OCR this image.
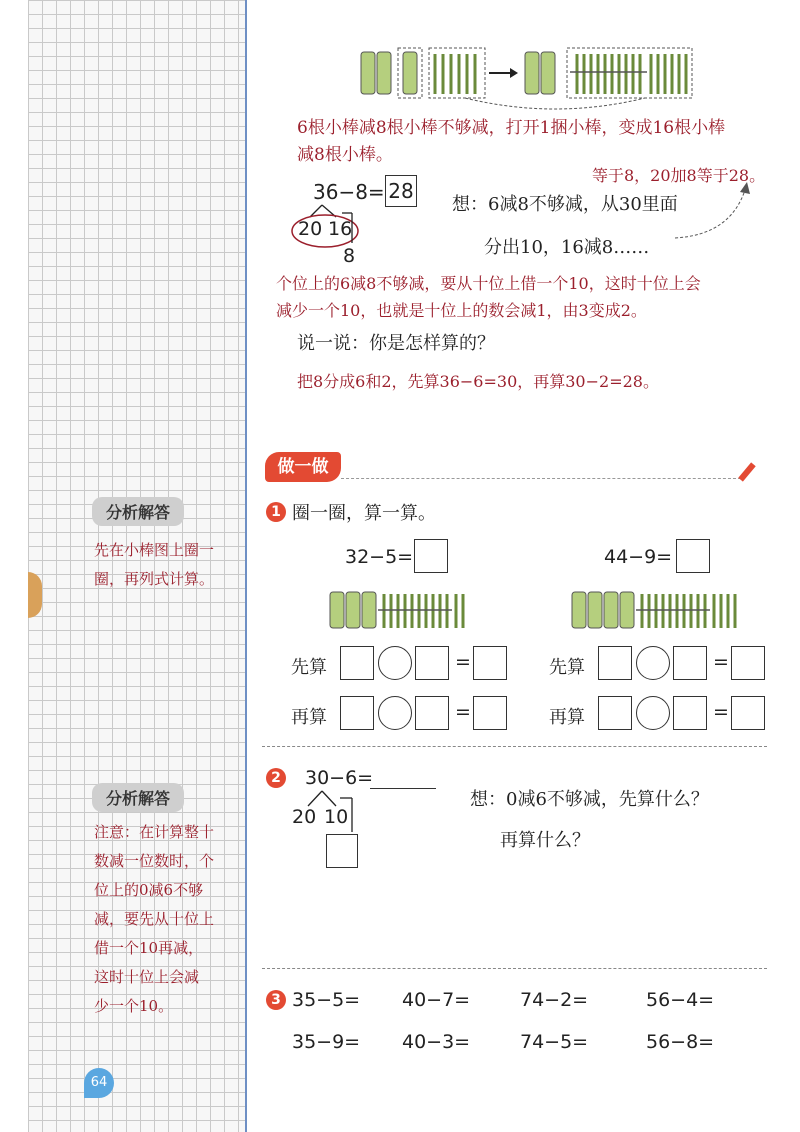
分析解答
先在小棒图上圈一
圈，再列式计算。
分析解答
注意：在计算整十
数减一位数时，个
位上的0减6不够
减，要先从十位上
借一个10再减，
这时十位上会减
少一个10。
64
6根小棒减8根小棒不够减，打开1捆小棒，变成16根小棒
减8根小棒。
等于8，20加8等于28。
36−8= 28
20 16
8
想：6减8不够减，从30里面
分出10，16减8……
个位上的6减8不够减，要从十位上借一个10，这时十位上会
减少一个10，也就是十位上的数会减1，由3变成2。
说一说：你是怎样算的？
把8分成6和2，先算36−6=30，再算30−2=28。
做一做
1 圈一圈，算一算。
32−5=	44−9=
先算	=
再算	=
先算	=
再算	=
2 30−6=
20 10
想：0减6不够减，先算什么？
再算什么？
3 35−5= 40−7=	74−2=	56−4=
35−9= 40−3=	74−5=	56−8=
